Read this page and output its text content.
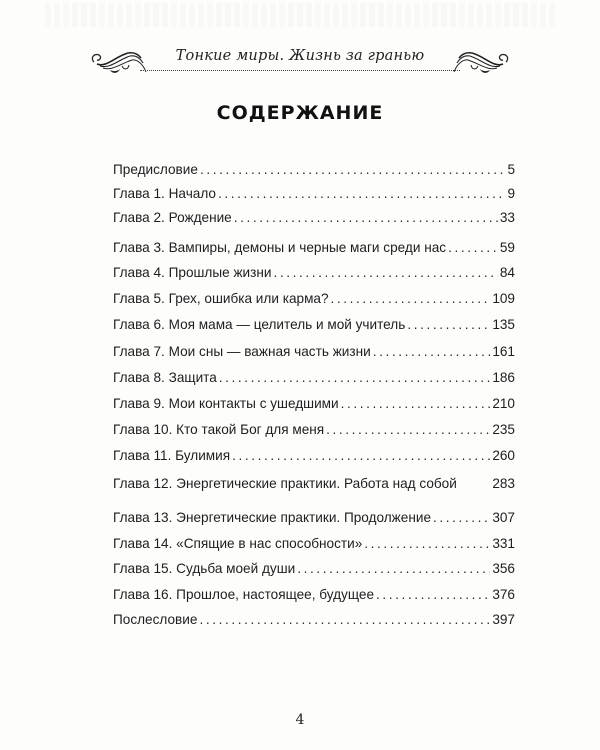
Тонкие миры. Жизнь за гранью
СОДЕРЖАНИЕ
Предисловие .....	5
Глава 1. Начало .....	9
Глава 2. Рождение .....	33
Глава 3. Вампиры, демоны и черные маги среди нас .....	59
Глава 4. Прошлые жизни .....	84
Глава 5. Грех, ошибка или карма? .....	109
Глава 6. Моя мама — целитель и мой учитель .....	135
Глава 7. Мои сны — важная часть жизни .....	161
Глава 8. Защита .....	186
Глава 9. Мои контакты с ушедшими .....	210
Глава 10. Кто такой Бог для меня .....	235
Глава 11. Булимия .....	260
Глава 12. Энергетические практики. Работа над собой	283
Глава 13. Энергетические практики. Продолжение .....	307
Глава 14. «Спящие в нас способности» .....	331
Глава 15. Судьба моей души .....	356
Глава 16. Прошлое, настоящее, будущее .....	376
Послесловие .....	397
4
